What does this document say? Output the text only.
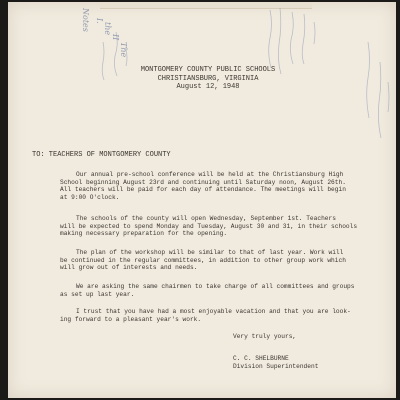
Notes I.
the
II
The
MONTGOMERY COUNTY PUBLIC SCHOOLS
CHRISTIANSBURG, VIRGINIA
August 12, 1948
TO: TEACHERS OF MONTGOMERY COUNTY
Our annual pre-school conference will be held at the Christiansburg High
School beginning August 23rd and continuing until Saturday noon, August 26th.
All teachers will be paid for each day of attendance. The meetings will begin
at 9:00 O'clock.
The schools of the county will open Wednesday, September 1st. Teachers
will be expected to spend Monday and Tuesday, August 30 and 31, in their schools
making necessary preparation for the opening.
The plan of the workshop will be similar to that of last year. Work will
be continued in the regular committees, in addition to other group work which
will grow out of interests and needs.
We are asking the same chairmen to take charge of all committees and groups
as set up last year.
I trust that you have had a most enjoyable vacation and that you are look-
ing forward to a pleasant year's work.
Very truly yours,
C. C. SHELBURNE
Division Superintendent
